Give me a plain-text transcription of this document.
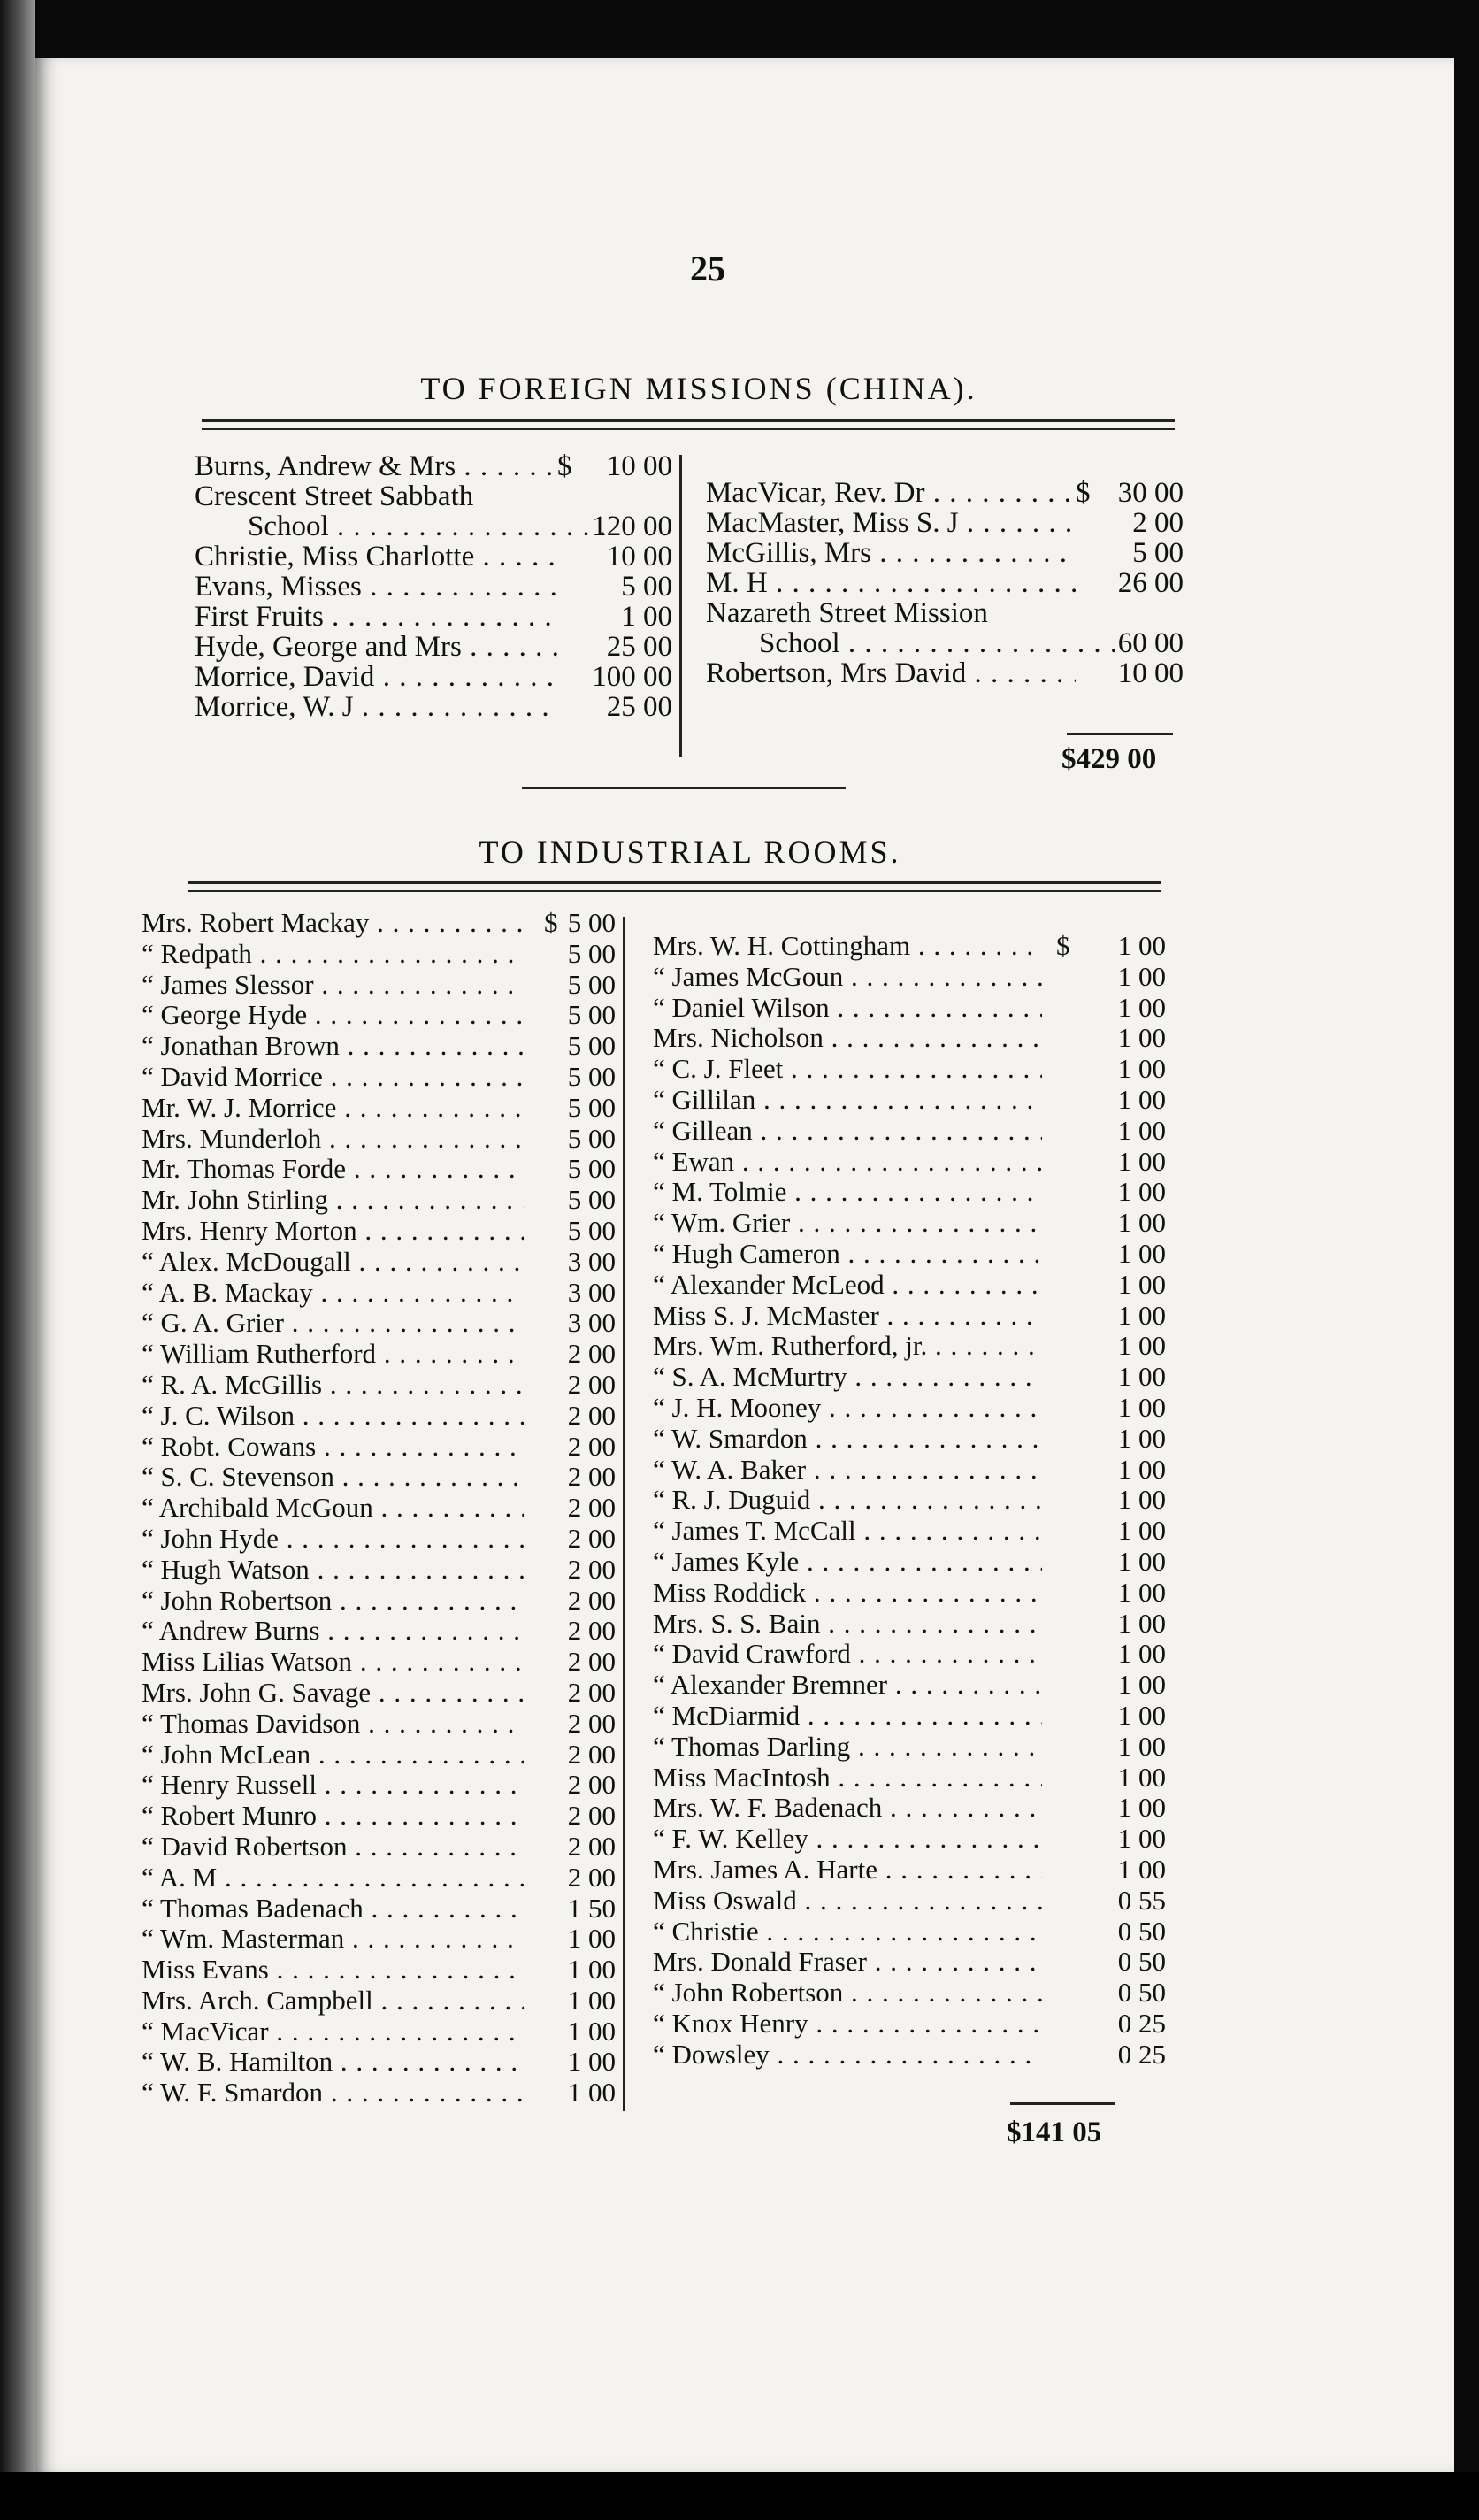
25
TO FOREIGN MISSIONS (CHINA).
Burns, Andrew & Mrs . . .	$	10 00
Crescent Street Sabbath
School . . .	120 00
Christie, Miss Charlotte . . .	10 00
Evans, Misses . . .	5 00
First Fruits . . .	1 00
Hyde, George and Mrs . . .	25 00
Morrice, David . . .	100 00
Morrice, W. J . . .	25 00
MacVicar, Rev. Dr . . .	$ 30 00
MacMaster, Miss S. J . . .	2 00
McGillis, Mrs . . .	5 00
M. H . . .	26 00
Nazareth Street Mission
School . . .	60 00
Robertson, Mrs David . . .	10 00
$429 00
TO INDUSTRIAL ROOMS.
Mrs. Robert Mackay . . .	$ 5 00
“ Redpath . . .	5 00
“ James Slessor . . .	5 00
“ George Hyde . . .	5 00
“ Jonathan Brown . . .	5 00
“ David Morrice . . .	5 00
Mr. W. J. Morrice . . .	5 00
Mrs. Munderloh . . .	5 00
Mr. Thomas Forde . . .	5 00
Mr. John Stirling . . .	5 00
Mrs. Henry Morton . . .	5 00
“ Alex. McDougall . . .	3 00
“ A. B. Mackay . . .	3 00
“ G. A. Grier . . .	3 00
“ William Rutherford . . .	2 00
“ R. A. McGillis . . .	2 00
“ J. C. Wilson . . .	2 00
“ Robt. Cowans . . .	2 00
“ S. C. Stevenson . . .	2 00
“ Archibald McGoun . . .	2 00
“ John Hyde . . .	2 00
“ Hugh Watson . . .	2 00
“ John Robertson . . .	2 00
“ Andrew Burns . . .	2 00
Miss Lilias Watson . . .	2 00
Mrs. John G. Savage . . .	2 00
“ Thomas Davidson . . .	2 00
“ John McLean . . .	2 00
“ Henry Russell . . .	2 00
“ Robert Munro . . .	2 00
“ David Robertson . . .	2 00
“ A. M . . .	2 00
“ Thomas Badenach . . .	1 50
“ Wm. Masterman . . .	1 00
Miss Evans . . .	1 00
Mrs. Arch. Campbell . . .	1 00
“ MacVicar . . .	1 00
“ W. B. Hamilton . . .	1 00
“ W. F. Smardon . . .	1 00
Mrs. W. H. Cottingham . . .	$	1 00
“ James McGoun . . .	1 00
“ Daniel Wilson . . .	1 00
Mrs. Nicholson . . .	1 00
“ C. J. Fleet . . .	1 00
“ Gillilan . . .	1 00
“ Gillean . . .	1 00
“ Ewan . . .	1 00
“ M. Tolmie . . .	1 00
“ Wm. Grier . . .	1 00
“ Hugh Cameron . . .	1 00
“ Alexander McLeod . . .	1 00
Miss S. J. McMaster . . .	1 00
Mrs. Wm. Rutherford, jr. . . .	1 00
“ S. A. McMurtry . . .	1 00
“ J. H. Mooney . . .	1 00
“ W. Smardon . . .	1 00
“ W. A. Baker . . .	1 00
“ R. J. Duguid . . .	1 00
“ James T. McCall . . .	1 00
“ James Kyle . . .	1 00
Miss Roddick . . .	1 00
Mrs. S. S. Bain . . .	1 00
“ David Crawford . . .	1 00
“ Alexander Bremner . . .	1 00
“ McDiarmid . . .	1 00
“ Thomas Darling . . .	1 00
Miss MacIntosh . . .	1 00
Mrs. W. F. Badenach . . .	1 00
“ F. W. Kelley . . .	1 00
Mrs. James A. Harte . . .	1 00
Miss Oswald . . .	0 55
“ Christie . . .	0 50
Mrs. Donald Fraser . . .	0 50
“ John Robertson . . .	0 50
“ Knox Henry . . .	0 25
“ Dowsley . . .	0 25
$141 05
